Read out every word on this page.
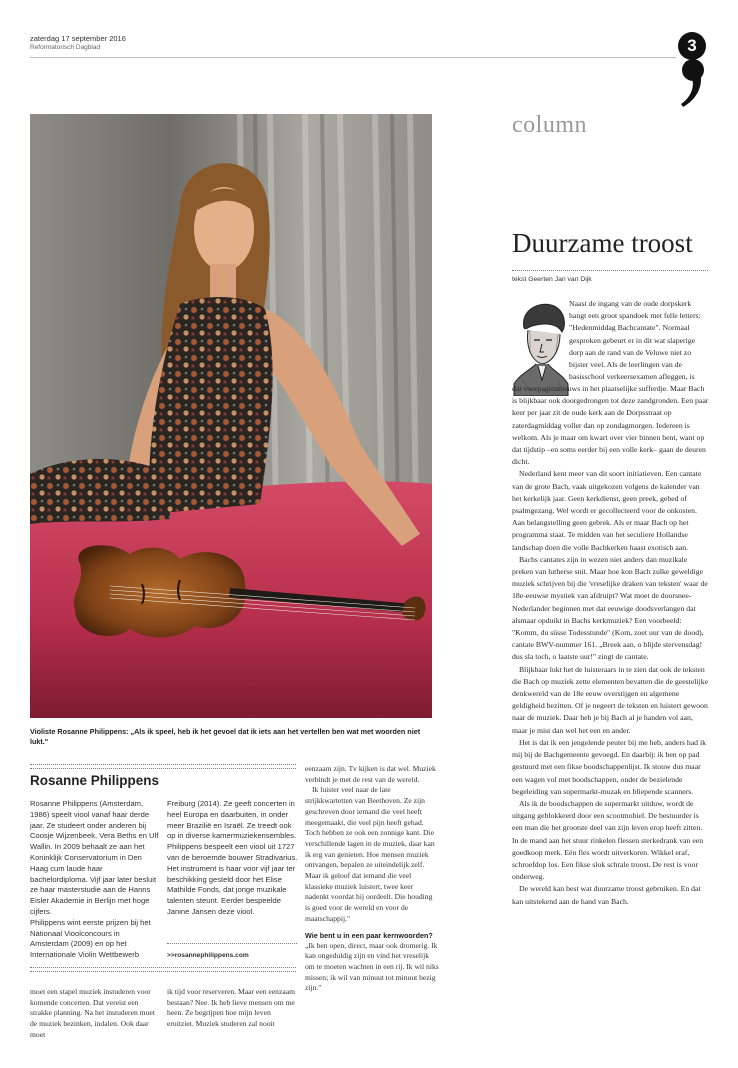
zaterdag 17 september 2016
Reformatorisch Dagblad	3
Violiste Rosanne Philippens: „Als ik speel, heb ik het gevoel dat ik iets aan het vertellen ben wat met woorden niet lukt."
Rosanne Philippens
Rosanne Philippens (Amsterdam, 1986) speelt viool vanaf haar derde jaar. Ze studeert onder anderen bij Coosje Wijzenbeek, Vera Beths en Ulf Wallin. In 2009 behaalt ze aan het Koninklijk Conservatorium in Den Haag cum laude haar bachelordiploma. Vijf jaar later besluit ze haar masterstudie aan de Hanns Eisler Akademie in Berlijn met hoge cijfers.
Philippens wint eerste prijzen bij het Nationaal Vioolconcours in Amsterdam (2009) en op het Internationale Violin Wettbewerb
Freiburg (2014). Ze geeft concerten in heel Europa en daarbuiten, in onder meer Brazilië en Israël. Ze treedt ook op in diverse kamermuziekensembles. Philippens bespeelt een viool uit 1727 van de beroemde bouwer Stradivarius. Het instrument is haar voor vijf jaar ter beschikking gesteld door het Elise Mathilde Fonds, dat jonge muzikale talenten steunt. Eerder bespeelde Janine Jansen deze viool.
>>rosannephilippens.com
moet een stapel muziek instuderen voor komende concerten. Dat vereist een strakke planning. Na het instuderen moet de muziek bezinken, indalen. Ook daar moet
ik tijd voor reserveren. Maar een eenzaam bestaan? Nee. Ik heb lieve mensen om me heen. Ze begrijpen hoe mijn leven eruitziet. Muziek studeren zal nooit
eenzaam zijn. Tv kijken is dat wel. Muziek verbindt je met de rest van de wereld.
Ik luister veel naar de late strijkkwartetten van Beethoven. Ze zijn geschreven door iemand die veel heeft meegemaakt, die veel pijn heeft gehad. Toch hebben ze ook een zonnige kant. Die verschillende lagen in de muziek, daar kan ik erg van genieten. Hoe mensen muziek ontvangen, bepalen ze uiteindelijk zelf. Maar ik geloof dat iemand die veel klassieke muziek luistert, twee keer nadenkt voordat hij oordeelt. Die houding is goed voor de wereld en voor de maatschappij."
Wie bent u in een paar kernwoorden?
„Ik ben open, direct, maar ook dromerig. Ik kan ongeduldig zijn en vind het vreselijk om te moeten wachten in een rij. Ik wil niks missen; ik wil van minuut tot minuut bezig zijn."
column
Duurzame troost
tekst Geerten Jan van Dijk

Naast de ingang van de oude dorpskerk hangt een groot spandoek met felle letters: "Hedenmiddag Bachcantate". Normaal gesproken gebeurt er in dit wat slaperige dorp aan de rand van de Veluwe niet zo bijster veel. Als de leerlingen van de basisschool verkeersexamen afleggen, is

dat voorpaginanieuws in het plaatselijke sufferdje. Maar Bach is blijkbaar ook doorgedrongen tot deze zandgronden. Een paar keer per jaar zit de oude kerk aan de Dorpsstraat op zaterdagmiddag voller dan op zondagmorgen. Iedereen is welkom. Als je maar om kwart over vier binnen bent, want op dat tijdstip –en soms eerder bij een volle kerk– gaan de deuren dicht.

Nederland kent meer van dit soort initiatieven. Een cantate van de grote Bach, vaak uitgekozen volgens de kalender van het kerkelijk jaar. Geen kerkdienst, geen preek, gebed of psalmgezang. Wel wordt er gecollecteerd voor de onkosten. Aan belangstelling geen gebrek. Als er maar Bach op het programma staat. Te midden van het seculiere Hollandse landschap doen die volle Bachkerken haast exotisch aan.

Bachs cantates zijn in wezen niet anders dan muzikale preken van lutherse snit. Maar hoe kon Bach zulke geweldige muziek schrijven bij die 'vreselijke draken van teksten' waar de 18e-eeuwse mystiek van afdruipt? Wat moet de doorsnee-Nederlander beginnen met dat eeuwige doodsverlangen dat alsmaar opduikt in Bachs kerkmuziek? Een voorbeeld: "Komm, du süsse Todesstunde" (Kom, zoet uur van de dood), cantate BWV-nummer 161. „Breek aan, o blijde stervensdag! dus sla toch, o laatste uur!" zingt de cantate.

Blijkbaar lukt het de luisteraars in te zien dat ook de teksten die Bach op muziek zette elementen bevatten die de geestelijke denkwereld van de 18e eeuw overstijgen en algemene geldigheid bezitten. Of je negeert de teksten en luistert gewoon naar de muziek. Daar heb je bij Bach al je handen vol aan, maar je mist dan wel het een en ander.

Het is dat ik een jengelende peuter bij me heb, anders had ik mij bij de Bachgemeente gevoegd. En daarbij: ik ben op pad gestuurd met een fikse boodschappenlijst. Ik stouw dus maar een wagen vol met boodschappen, onder de bezielende begeleiding van supermarkt-muzak en bliepende scanners.

Als ik de boodschappen de supermarkt uitduw, wordt de uitgang geblokkeerd door een scootmobiel. De bestuurder is een man die het grootste deel van zijn leven erop heeft zitten. In de mand aan het stuur rinkelen flessen sterkedrank van een goedkoop merk. Eén fles wordt uitverkoren. Wikkel eraf, schroefdop los. Een fikse slok schrale troost. De rest is voor onderweg.

De wereld kan best wat duurzame troost gebruiken. En dat kan uitstekend aan de hand van Bach.
